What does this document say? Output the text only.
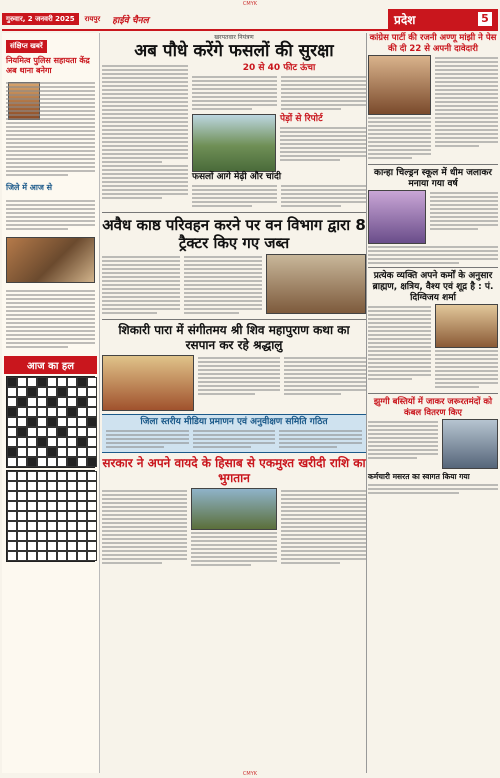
CMYK
गुरुवार, 2 जनवरी 2025	रायपुर हाईवे चैनल	प्रदेश	5
संक्षिप्त खबरें
नियमित्व पुलिस सहायता केंद्र अब थाना बनेगा
जिले में आज से
आज का हल
खरपतवार नियंत्रण
अब पौधे करेंगे फसलों की सुरक्षा
20 से 40 फीट ऊंचा
पेड़ों से रिपोर्ट
फसलों आगे मेढ़ी और चांदी
अवैध काष्ठ परिवहन करने पर वन विभाग द्वारा 8 ट्रैक्टर किए गए जब्त
शिकारी पारा में संगीतमय श्री शिव महापुराण कथा का रसपान कर रहे श्रद्धालु
जिला स्तरीय मीडिया प्रमाणन एवं अनुवीक्षण समिति गठित
सरकार ने अपने वायदे के हिसाब से एकमुश्त खरीदी राशि का भुगतान
कांग्रेस पार्टी की रजनी अण्णू मांझी ने पेस की दी 22 से अपनी दावेदारी
कान्हा चिल्ड्रन स्कूल में धीम जलाकर मनाया गया वर्ष
प्रत्येक व्यक्ति अपने कर्मों के अनुसार ब्राह्मण, क्षत्रिय, वैश्य एवं शूद्र है : पं. दिग्विजय शर्मा
झुग्गी बस्तियों में जाकर जरूरतमंदों को कंबल वितरण किए
कर्मचारी मसरत का स्वागत किया गया
CMYK
